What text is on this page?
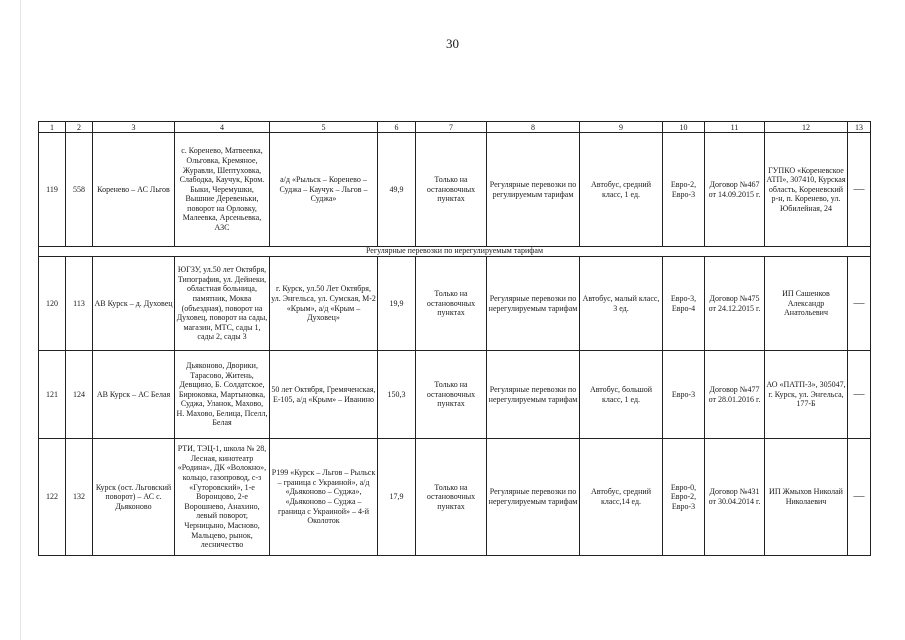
30
1	2	3	4	5	6	7	8	9	10	11	12	13
119	558	Коренево – АС Льгов	с. Коренево, Матвеевка, Ольговка, Кремяное, Журавли, Шептуховка, Слабодка, Каучук, Кром. Быки, Черемушки, Вышние Деревеньки, поворот на Орловку, Малеевка, Арсеньевка, АЗС	а/д «Рыльск – Коренево – Суджа – Каучук – Льгов – Суджа»	49,9	Только на остановочных пунктах	Регулярные перевозки по регулируемым тарифам	Автобус, средний класс, 1 ед.	Евро-2, Евро-3	Договор №467 от 14.09.2015 г.	ГУПКО «Кореневское АТП», 307410, Курская область, Кореневский р-н, п. Коренево, ул. Юбилейная, 24	—
Регулярные перевозки по нерегулируемым тарифам												
120	113	АВ Курск – д. Духовец	ЮГЗУ, ул.50 лет Октября, Типография, ул. Дейнеки, областная больница, памятник, Моква (объездная), поворот на Духовец, поворот на сады, магазин, МТС, сады 1, сады 2, сады 3	г. Курск, ул.50 Лет Октября, ул. Энгельса, ул. Сумская, М-2 «Крым», а/д «Крым – Духовец»	19,9	Только на остановочных пунктах	Регулярные перевозки по нерегулируемым тарифам	Автобус, малый класс, 3 ед.	Евро-3, Евро-4	Договор №475 от 24.12.2015 г.	ИП Сашенков Александр Анатольевич	—
121	124	АВ Курск – АС Белая	Дьяконово, Дворики, Тарасово, Житень, Девщино, Б. Солдатское, Бирюковка, Мартыновка, Суджа, Уланок, Махово, Н. Махово, Белица, Пселл, Белая	50 лет Октября, Гремяченская, Е-105, а/д «Крым» – Иванино	150,3	Только на остановочных пунктах	Регулярные перевозки по нерегулируемым тарифам	Автобус, большой класс, 1 ед.	Евро-3	Договор №477 от 28.01.2016 г.	АО «ПАТП-3», 305047, г. Курск, ул. Энгельса, 177-Б	—
122	132	Курск (ост. Льговский поворот) – АС с. Дьяконово	РТИ, ТЭЦ-1, школа № 28, Лесная, кинотеатр «Родина», ДК «Волокно», кольцо, газопровод, с-з «Гуторовский», 1-е Воронцово, 2-е Ворошнево, Анахино, левый поворот, Черницыно, Масново, Мальцево, рынок, лесничество	Р199 «Курск – Льгов – Рыльск – граница с Украиной», а/д «Дьяконово – Суджа», «Дьяконово – Суджа – граница с Украиной» – 4-й Околоток	17,9	Только на остановочных пунктах	Регулярные перевозки по нерегулируемым тарифам	Автобус, средний класс,14 ед.	Евро-0, Евро-2, Евро-3	Договор №431 от 30.04.2014 г.	ИП Жмыхов Николай Николаевич	—
